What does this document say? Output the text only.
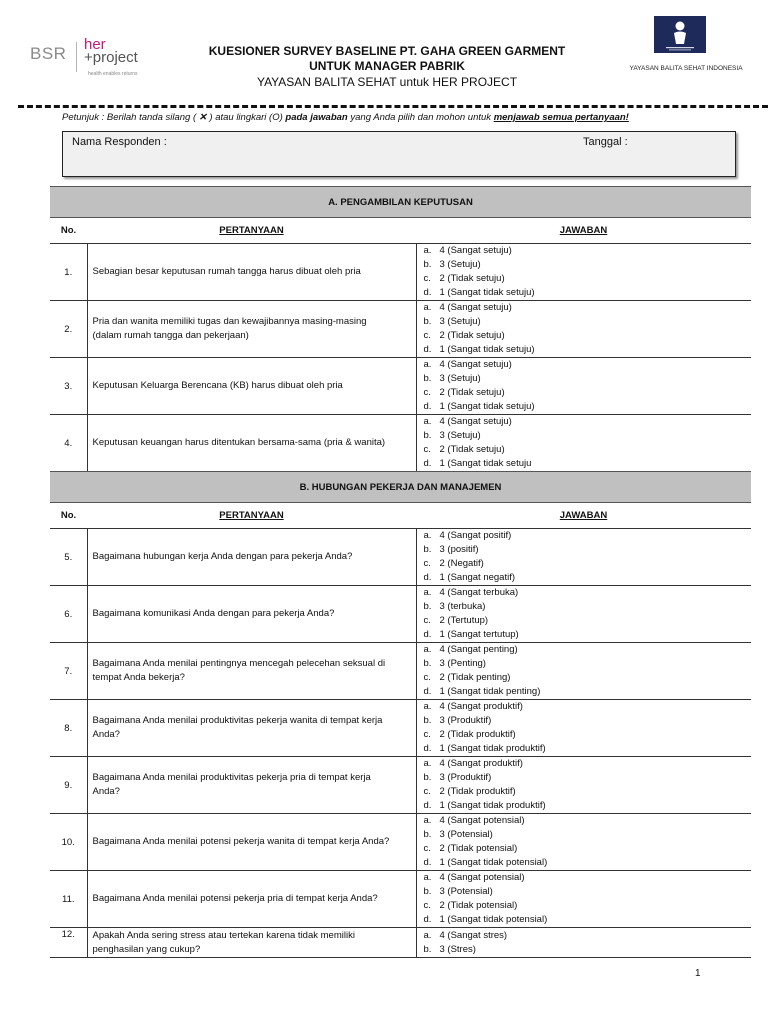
BSR her
+project
health enables returns
KUESIONER SURVEY BASELINE PT. GAHA GREEN GARMENT
UNTUK MANAGER PABRIK
YAYASAN BALITA SEHAT untuk HER PROJECT
YAYASAN BALITA SEHAT INDONESIA
Petunjuk : Berilah tanda silang ( ✕ ) atau lingkari (O) pada jawaban yang Anda pilih dan mohon untuk menjawab semua pertanyaan!
Nama Responden :	Tanggal :
A. PENGAMBILAN KEPUTUSAN		
No.	PERTANYAAN	JAWABAN
1.	Sebagian besar keputusan rumah tangga harus dibuat oleh pria	a. 4 (Sangat setuju)
b. 3 (Setuju)
c. 2 (Tidak setuju)
d. 1 (Sangat tidak setuju)

2.	Pria dan wanita memiliki tugas dan kewajibannya masing-masing (dalam rumah tangga dan pekerjaan)	a. 4 (Sangat setuju)
b. 3 (Setuju)
c. 2 (Tidak setuju)
d. 1 (Sangat tidak setuju)

3.	Keputusan Keluarga Berencana (KB) harus dibuat oleh pria	a. 4 (Sangat setuju)
b. 3 (Setuju)
c. 2 (Tidak setuju)
d. 1 (Sangat tidak setuju)

4.	Keputusan keuangan harus ditentukan bersama-sama (pria & wanita)	a. 4 (Sangat setuju)
b. 3 (Setuju)
c. 2 (Tidak setuju)
d. 1 (Sangat tidak setuju
B. HUBUNGAN PEKERJA DAN MANAJEMEN		
No.	PERTANYAAN	JAWABAN
5.	Bagaimana hubungan kerja Anda dengan para pekerja Anda?	a. 4 (Sangat positif)
b. 3 (positif)
c. 2 (Negatif)
d. 1 (Sangat negatif)

6.	Bagaimana komunikasi Anda dengan para pekerja Anda?	a. 4 (Sangat terbuka)
b. 3 (terbuka)
c. 2 (Tertutup)
d. 1 (Sangat tertutup)

7.	Bagaimana Anda menilai pentingnya mencegah pelecehan seksual di tempat Anda bekerja?	a. 4 (Sangat penting)
b. 3 (Penting)
c. 2 (Tidak penting)
d. 1 (Sangat tidak penting)

8.	Bagaimana Anda menilai produktivitas pekerja wanita di tempat kerja Anda?	a. 4 (Sangat produktif)
b. 3 (Produktif)
c. 2 (Tidak produktif)
d. 1 (Sangat tidak produktif)

9.	Bagaimana Anda menilai produktivitas pekerja pria di tempat kerja Anda?	a. 4 (Sangat produktif)
b. 3 (Produktif)
c. 2 (Tidak produktif)
d. 1 (Sangat tidak produktif)

10.	Bagaimana Anda menilai potensi pekerja wanita di tempat kerja Anda?	a. 4 (Sangat potensial)
b. 3 (Potensial)
c. 2 (Tidak potensial)
d. 1 (Sangat tidak potensial)

11.	Bagaimana Anda menilai potensi pekerja pria di tempat kerja Anda?	a. 4 (Sangat potensial)
b. 3 (Potensial)
c. 2 (Tidak potensial)
d. 1 (Sangat tidak potensial)

12.	Apakah Anda sering stress atau tertekan karena tidak memiliki penghasilan yang cukup?	a. 4 (Sangat stres)
b. 3 (Stres)
1
